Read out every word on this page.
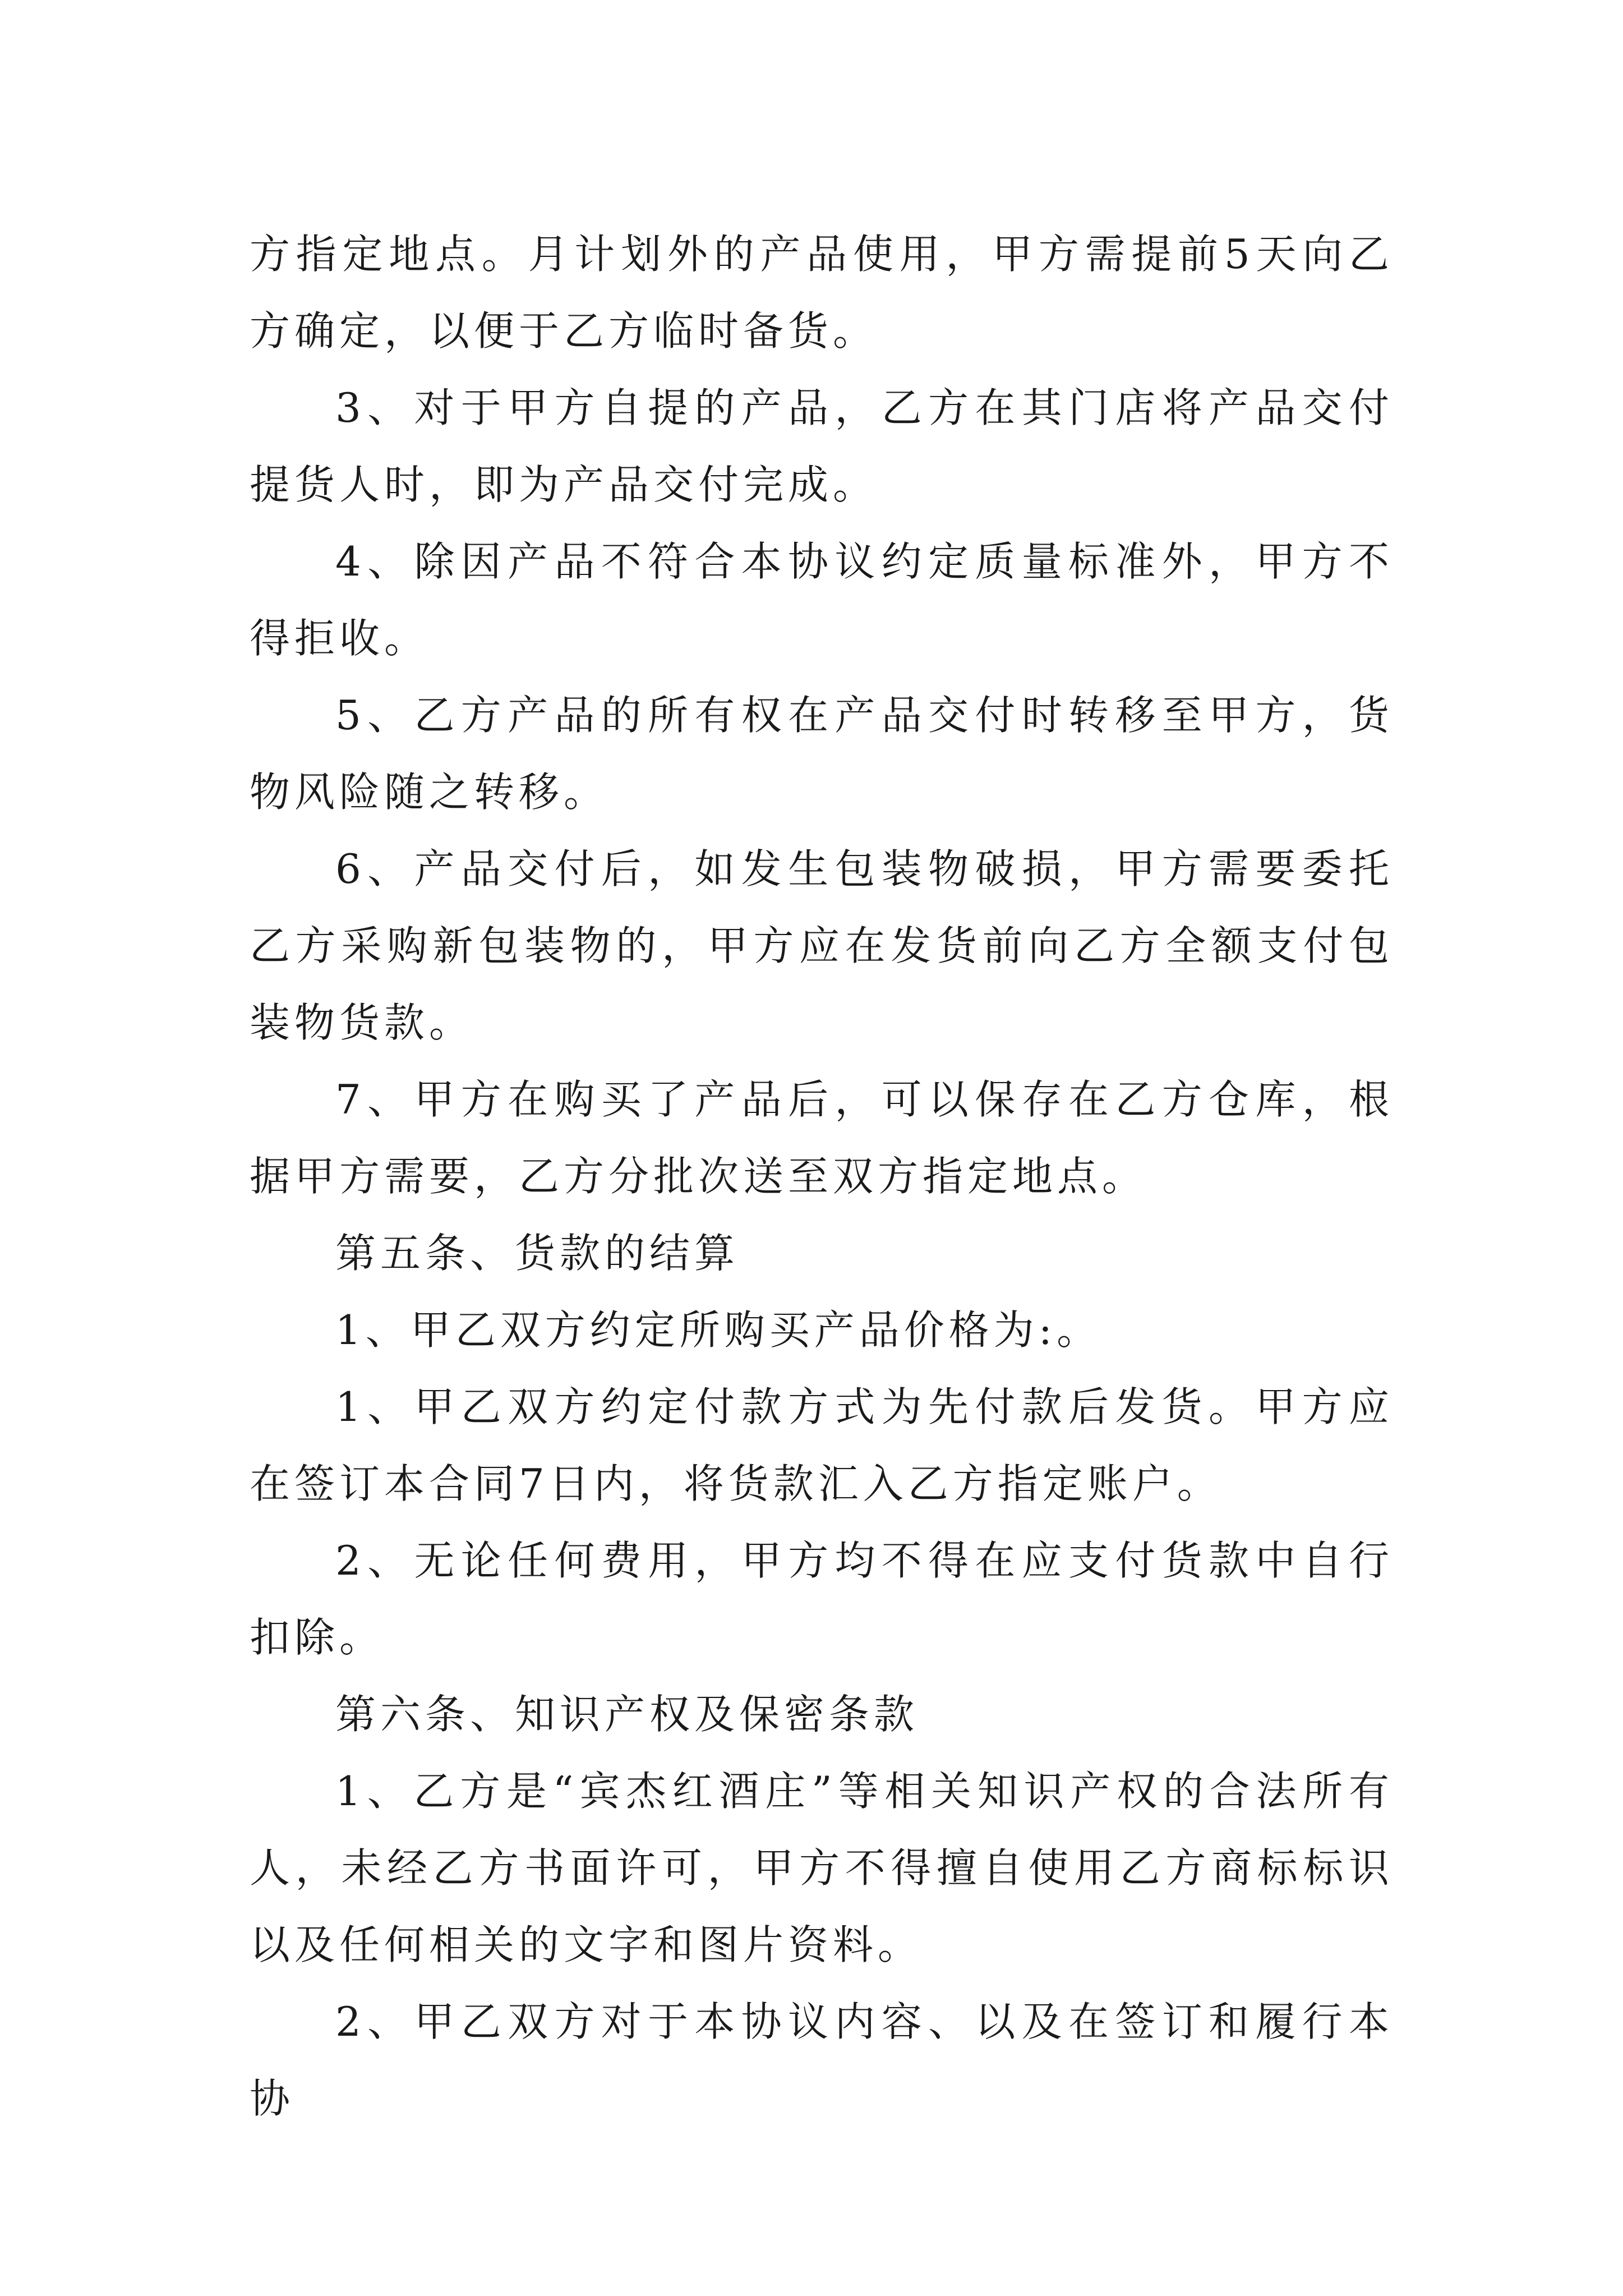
方指定地点。月计划外的产品使用，甲方需提前5天向乙方确定，以便于乙方临时备货。

3、对于甲方自提的产品，乙方在其门店将产品交付提货人时，即为产品交付完成。

4、除因产品不符合本协议约定质量标准外，甲方不得拒收。

5、乙方产品的所有权在产品交付时转移至甲方，货物风险随之转移。

6、产品交付后，如发生包装物破损，甲方需要委托乙方采购新包装物的，甲方应在发货前向乙方全额支付包装物货款。

7、甲方在购买了产品后，可以保存在乙方仓库，根据甲方需要，乙方分批次送至双方指定地点。

第五条、货款的结算

1、甲乙双方约定所购买产品价格为:。

1、甲乙双方约定付款方式为先付款后发货。甲方应在签订本合同7日内，将货款汇入乙方指定账户。

2、无论任何费用，甲方均不得在应支付货款中自行扣除。

第六条、知识产权及保密条款

1、乙方是“宾杰红酒庄”等相关知识产权的合法所有人，未经乙方书面许可，甲方不得擅自使用乙方商标标识以及任何相关的文字和图片资料。

2、甲乙双方对于本协议内容、以及在签订和履行本协
